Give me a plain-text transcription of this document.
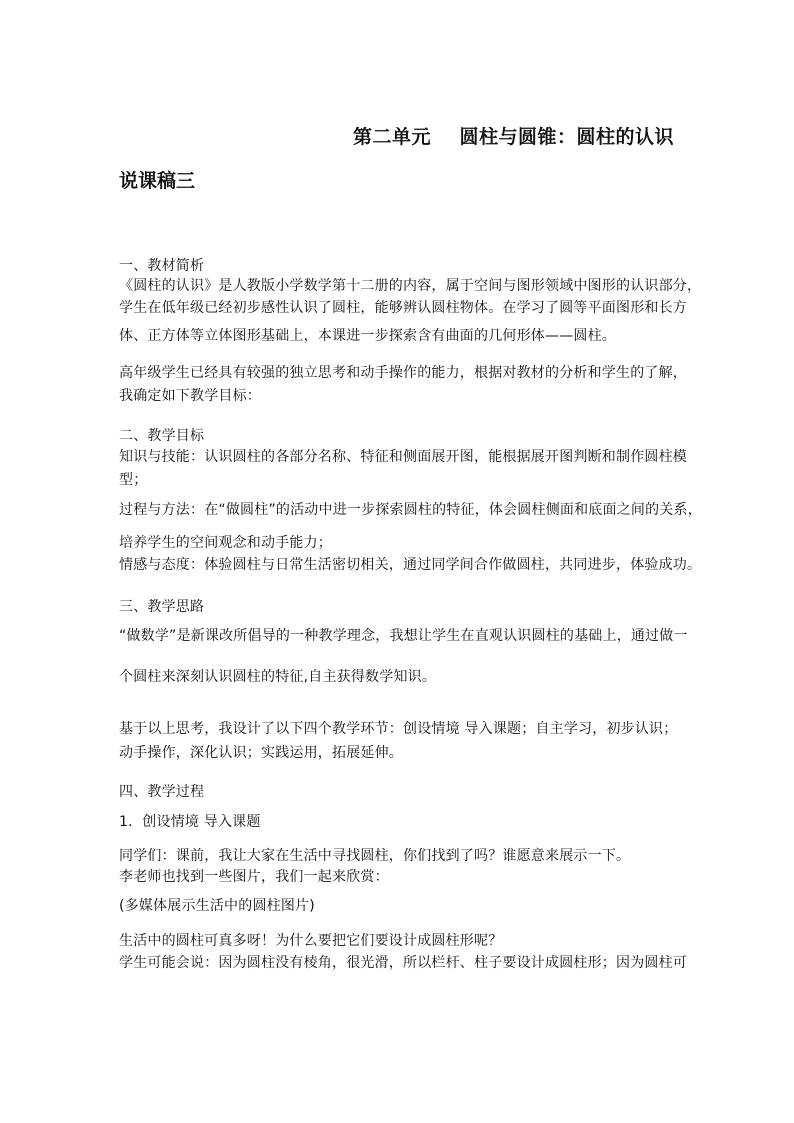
第二单元    圆柱与圆锥：圆柱的认识
说课稿三
一、教材简析
《圆柱的认识》是人教版小学数学第十二册的内容，属于空间与图形领域中图形的认识部分，
学生在低年级已经初步感性认识了圆柱，能够辨认圆柱物体。在学习了圆等平面图形和长方
体、正方体等立体图形基础上，本课进一步探索含有曲面的几何形体——圆柱。
高年级学生已经具有较强的独立思考和动手操作的能力，根据对教材的分析和学生的了解，
我确定如下教学目标：
二、教学目标
知识与技能：认识圆柱的各部分名称、特征和侧面展开图，能根据展开图判断和制作圆柱模
型；
过程与方法：在“做圆柱”的活动中进一步探索圆柱的特征，体会圆柱侧面和底面之间的关系，
培养学生的空间观念和动手能力；
情感与态度：体验圆柱与日常生活密切相关，通过同学间合作做圆柱，共同进步，体验成功。
三、教学思路
“做数学”是新课改所倡导的一种教学理念，我想让学生在直观认识圆柱的基础上，通过做一
个圆柱来深刻认识圆柱的特征,自主获得数学知识。
基于以上思考，我设计了以下四个教学环节：创设情境 导入课题；自主学习，初步认识；
动手操作，深化认识；实践运用，拓展延伸。
四、教学过程
1．创设情境 导入课题
同学们：课前，我让大家在生活中寻找圆柱，你们找到了吗？谁愿意来展示一下。
李老师也找到一些图片，我们一起来欣赏：
(多媒体展示生活中的圆柱图片)
生活中的圆柱可真多呀！为什么要把它们要设计成圆柱形呢？
学生可能会说：因为圆柱没有棱角，很光滑，所以栏杆、柱子要设计成圆柱形；因为圆柱可
